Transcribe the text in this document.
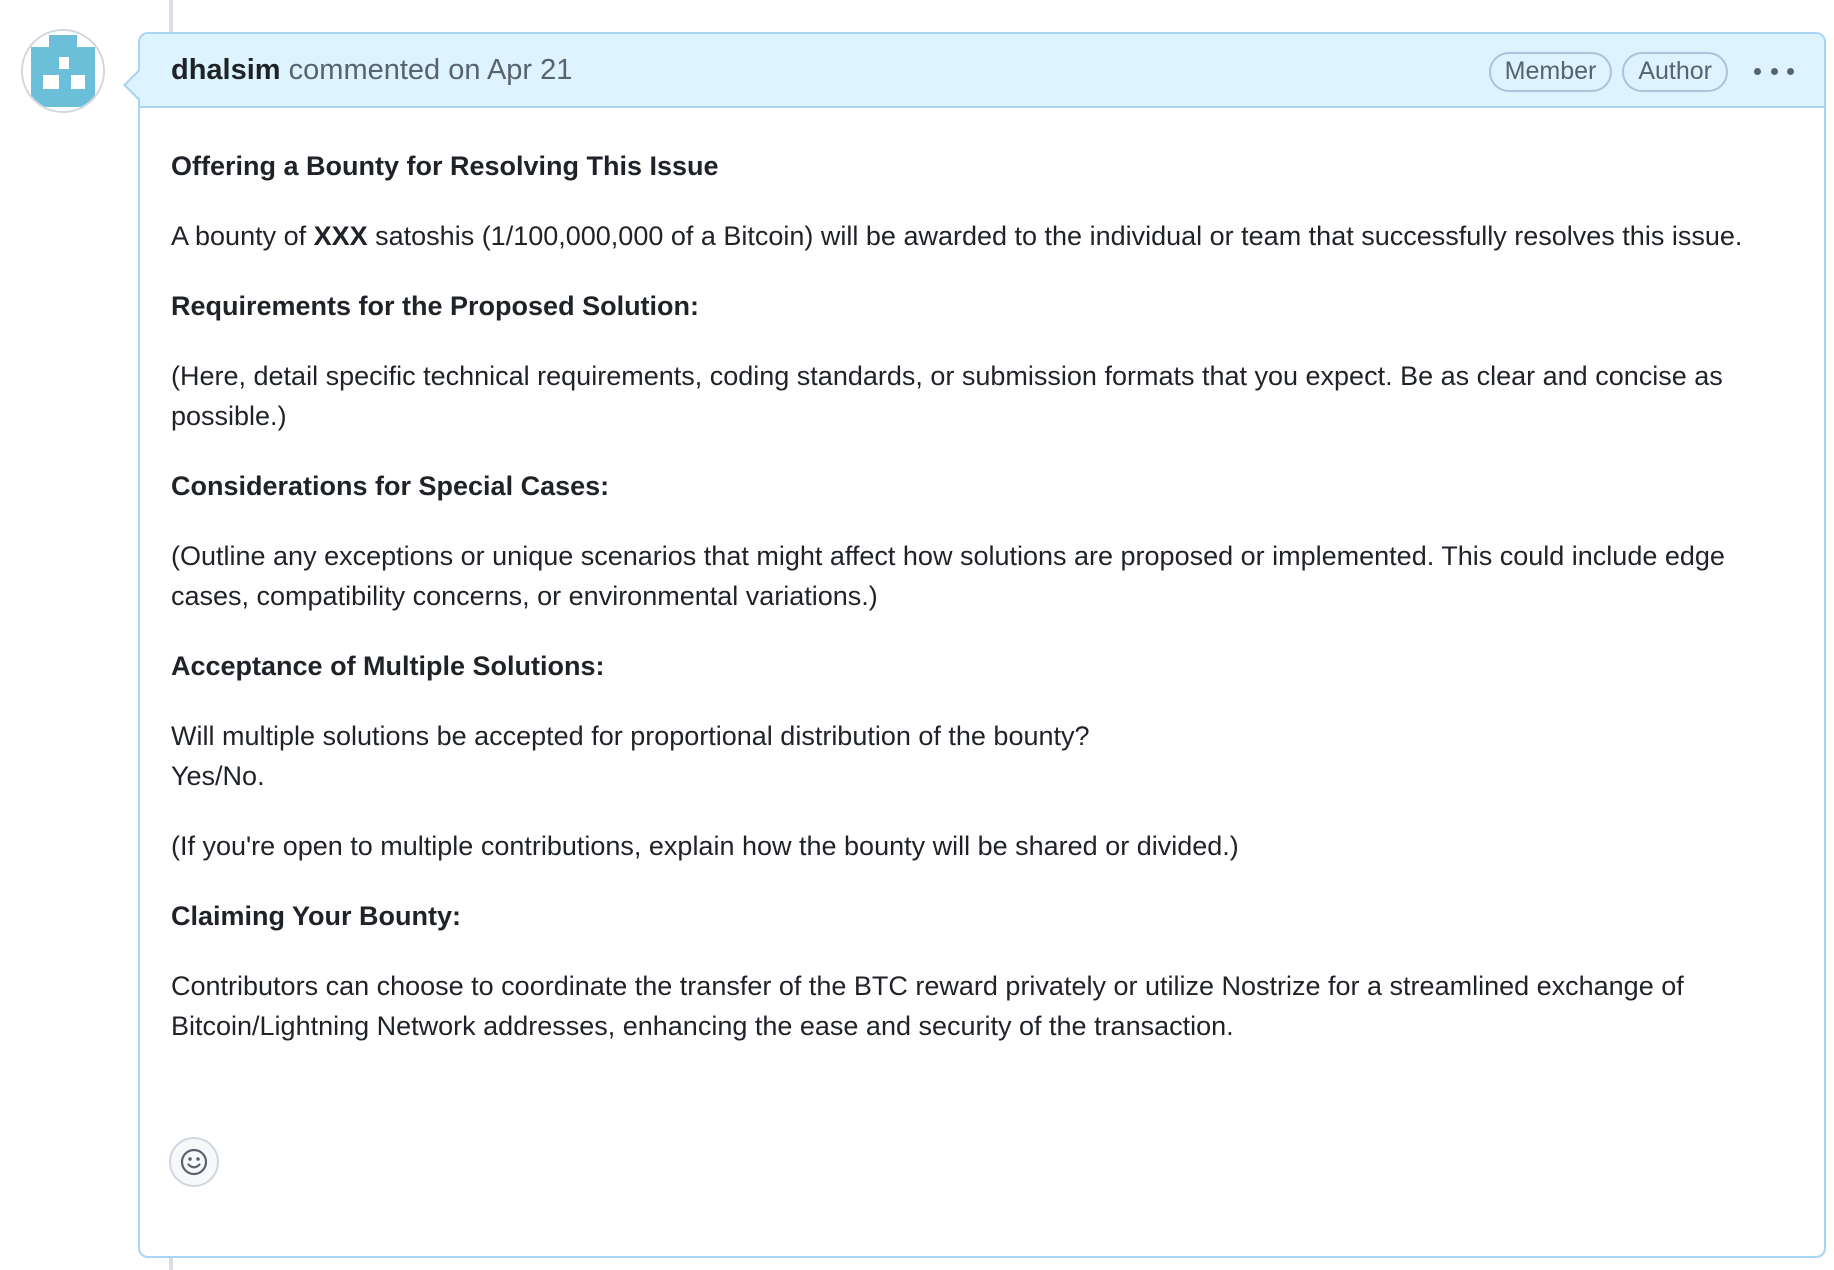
dhalsim commented on Apr 21	Member	Author

Offering a Bounty for Resolving This Issue

A bounty of XXX satoshis (1/100,000,000 of a Bitcoin) will be awarded to the individual or team that successfully resolves this issue.

Requirements for the Proposed Solution:

(Here, detail specific technical requirements, coding standards, or submission formats that you expect. Be as clear and concise as possible.)

Considerations for Special Cases:

(Outline any exceptions or unique scenarios that might affect how solutions are proposed or implemented. This could include edge cases, compatibility concerns, or environmental variations.)

Acceptance of Multiple Solutions:

Will multiple solutions be accepted for proportional distribution of the bounty?
Yes/No.

(If you're open to multiple contributions, explain how the bounty will be shared or divided.)

Claiming Your Bounty:

Contributors can choose to coordinate the transfer of the BTC reward privately or utilize Nostrize for a streamlined exchange of Bitcoin/Lightning Network addresses, enhancing the ease and security of the transaction.
